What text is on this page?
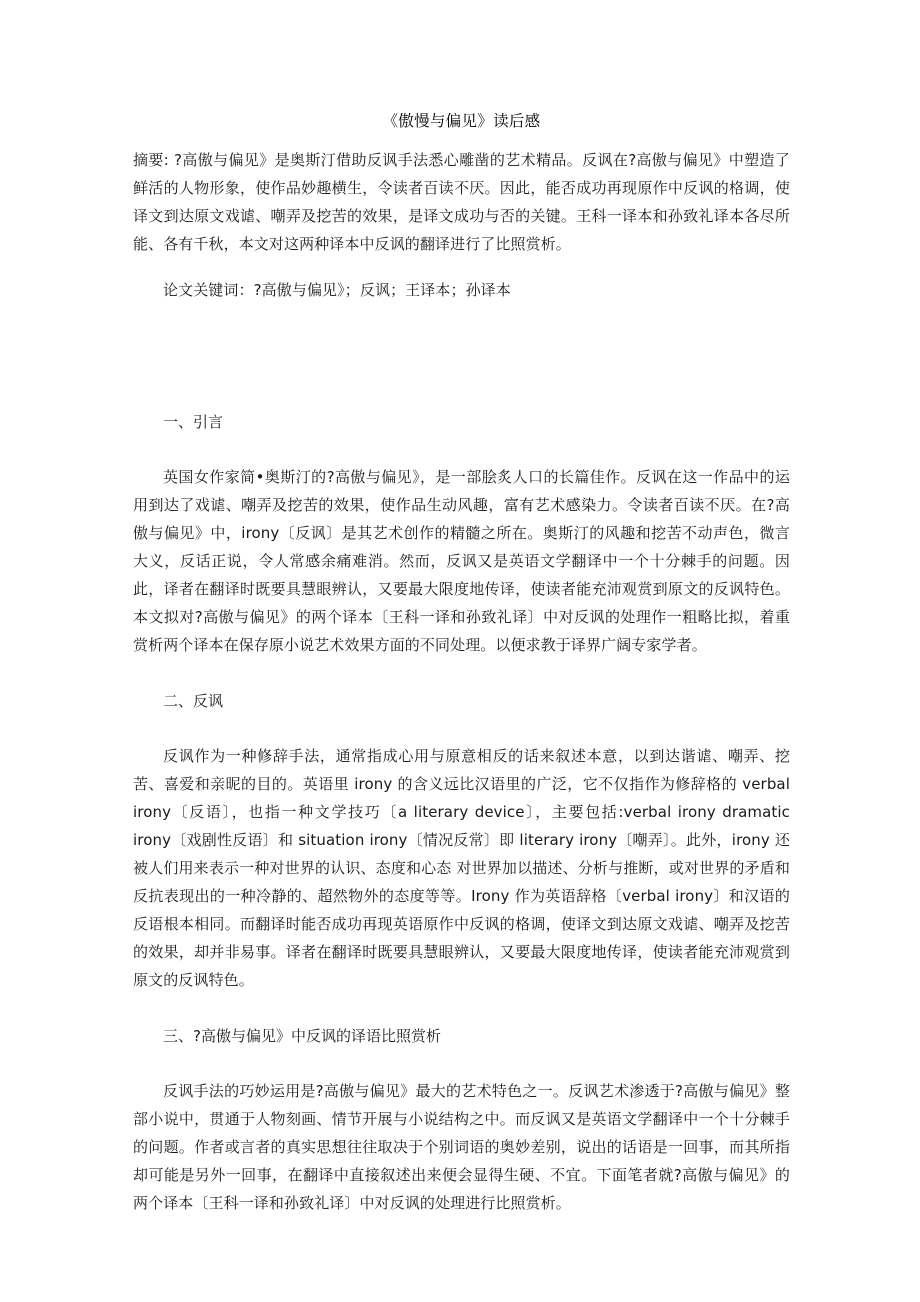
《傲慢与偏见》读后感

摘要: ?高傲与偏见》是奥斯汀借助反讽手法悉心雕凿的艺术精品。反讽在?高傲与偏见》中塑造了鲜活的人物形象，使作品妙趣横生，令读者百读不厌。因此，能否成功再现原作中反讽的格调，使译文到达原文戏谑、嘲弄及挖苦的效果，是译文成功与否的关键。王科一译本和孙致礼译本各尽所能、各有千秋，本文对这两种译本中反讽的翻译进行了比照赏析。

论文关键词：?高傲与偏见》；反讽；王译本；孙译本

一、引言

英国女作家简•奥斯汀的?高傲与偏见》，是一部脍炙人口的长篇佳作。反讽在这一作品中的运用到达了戏谑、嘲弄及挖苦的效果，使作品生动风趣，富有艺术感染力。令读者百读不厌。在?高傲与偏见》中，irony〔反讽〕是其艺术创作的精髓之所在。奥斯汀的风趣和挖苦不动声色，微言大义，反话正说，令人常感余痛难消。然而，反讽又是英语文学翻译中一个十分棘手的问题。因此，译者在翻译时既要具慧眼辨认，又要最大限度地传译，使读者能充沛观赏到原文的反讽特色。本文拟对?高傲与偏见》的两个译本〔王科一译和孙致礼译〕中对反讽的处理作一粗略比拟，着重赏析两个译本在保存原小说艺术效果方面的不同处理。以便求教于译界广阔专家学者。

二、反讽

反讽作为一种修辞手法，通常指成心用与原意相反的话来叙述本意，以到达谐谑、嘲弄、挖苦、喜爱和亲昵的目的。英语里 irony 的含义远比汉语里的广泛，它不仅指作为修辞格的 verbal irony〔反语〕，也指一种文学技巧〔a literary device〕，主要包括:verbal irony dramatic irony〔戏剧性反语〕和 situation irony〔情况反常〕即 literary irony〔嘲弄〕。此外，irony 还被人们用来表示一种对世界的认识、态度和心态 对世界加以描述、分析与推断，或对世界的矛盾和反抗表现出的一种冷静的、超然物外的态度等等。Irony 作为英语辞格〔verbal irony〕和汉语的反语根本相同。而翻译时能否成功再现英语原作中反讽的格调，使译文到达原文戏谑、嘲弄及挖苦的效果，却并非易事。译者在翻译时既要具慧眼辨认，又要最大限度地传译，使读者能充沛观赏到原文的反讽特色。

三、?高傲与偏见》中反讽的译语比照赏析

反讽手法的巧妙运用是?高傲与偏见》最大的艺术特色之一。反讽艺术渗透于?高傲与偏见》整部小说中，贯通于人物刻画、情节开展与小说结构之中。而反讽又是英语文学翻译中一个十分棘手的问题。作者或言者的真实思想往往取决于个别词语的奥妙差别，说出的话语是一回事，而其所指却可能是另外一回事，在翻译中直接叙述出来便会显得生硬、不宜。下面笔者就?高傲与偏见》的两个译本〔王科一译和孙致礼译〕中对反讽的处理进行比照赏析。
